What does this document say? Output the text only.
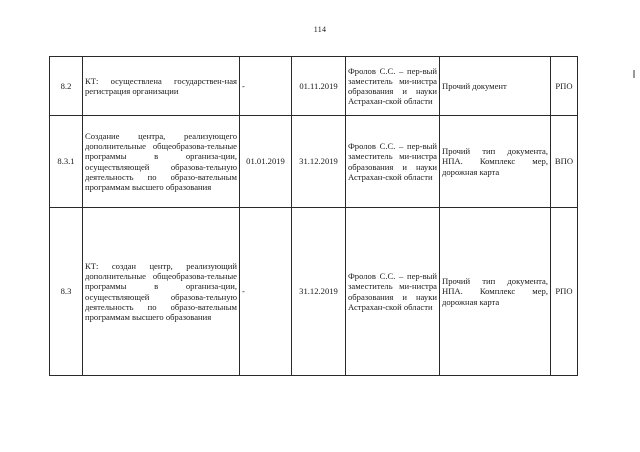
114
8.2	КТ: осуществлена государствен-ная регистрация организации	-	01.11.2019	Фролов С.С. – пер-вый заместитель ми-нистра образования и науки Астрахан-ской области	Прочий документ	РПО
8.3.1	Создание центра, реализующего дополнительные общеобразова-тельные программы в организа-ции, осуществляющей образова-тельную деятельность по образо-вательным программам высшего образования	01.01.2019	31.12.2019	Фролов С.С. – пер-вый заместитель ми-нистра образования и науки Астрахан-ской области	Прочий тип документа, НПА. Комплекс мер, дорожная карта	ВПО
8.3	КТ: создан центр, реализующий дополнительные общеобразова-тельные программы в организа-ции, осуществляющей образова-тельную деятельность по образо-вательным программам высшего образования	-	31.12.2019	Фролов С.С. – пер-вый заместитель ми-нистра образования и науки Астрахан-ской области	Прочий тип документа, НПА. Комплекс мер, дорожная карта	РПО
